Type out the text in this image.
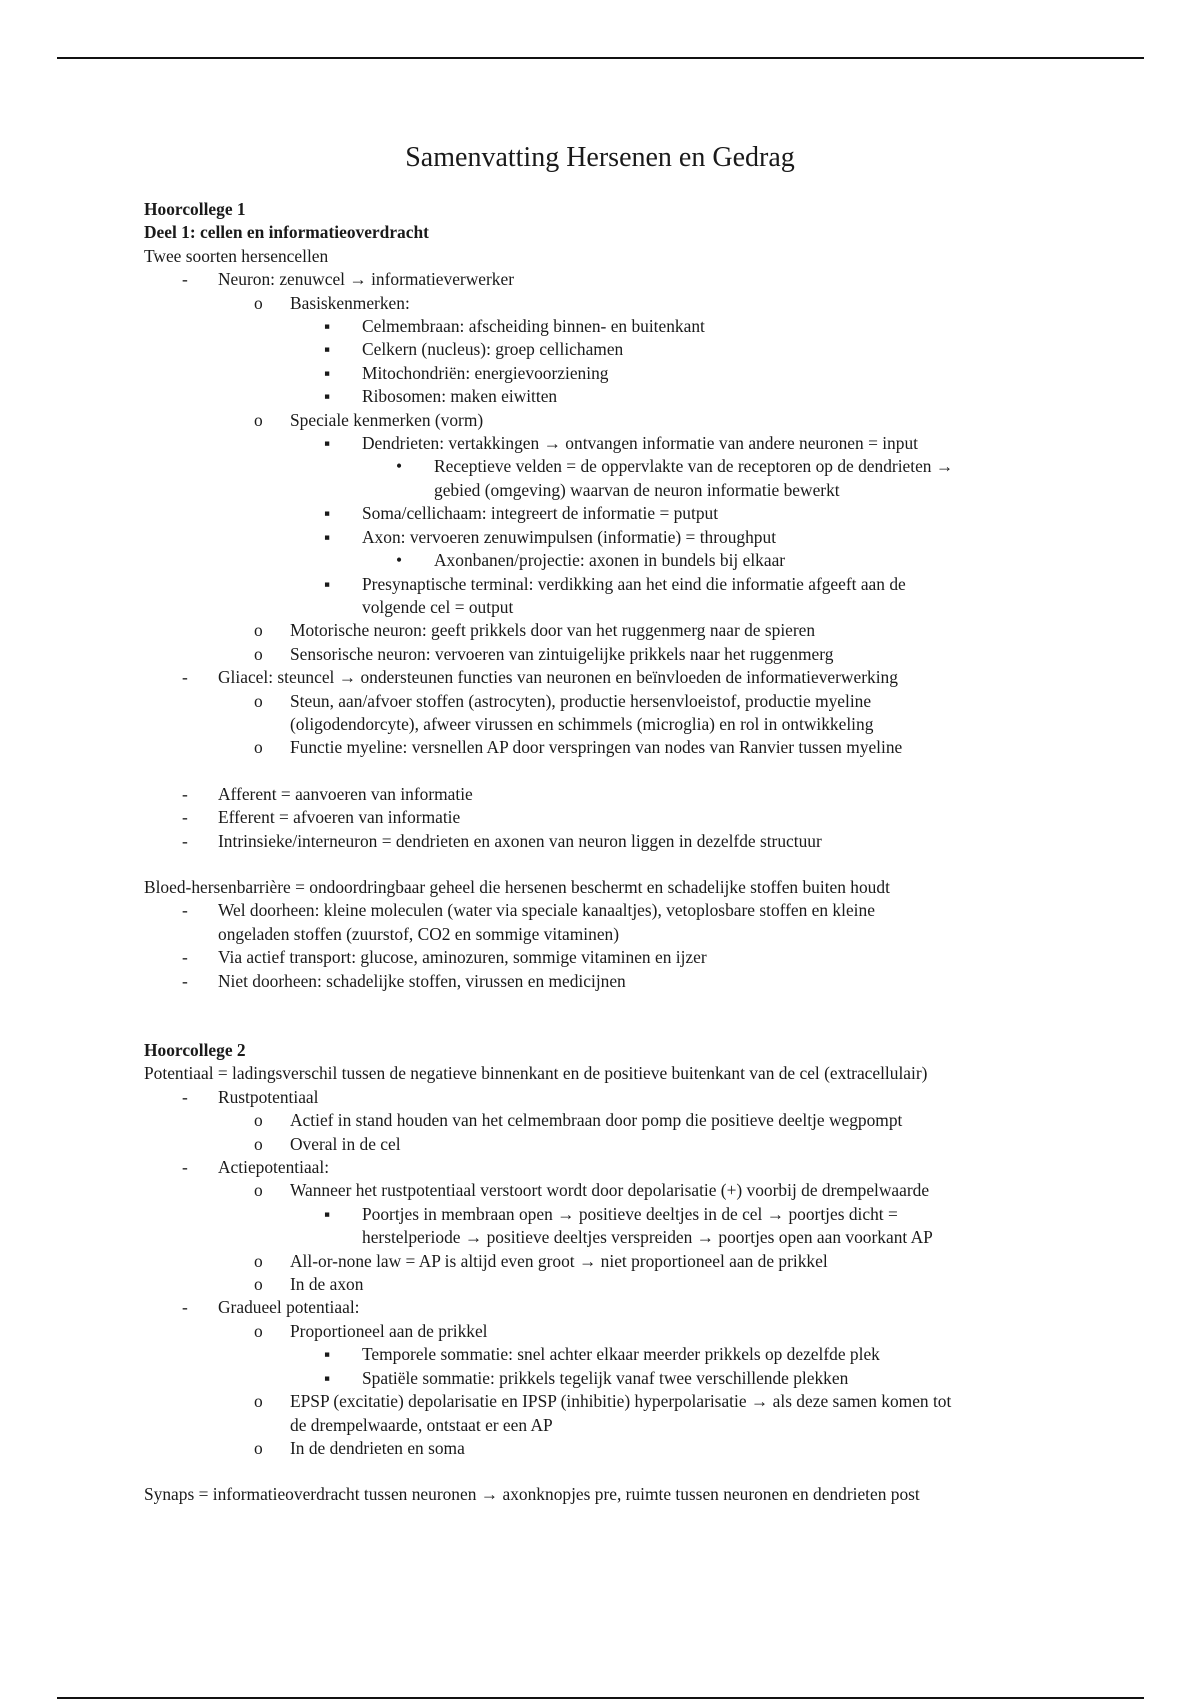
Samenvatting Hersenen en Gedrag
Hoorcollege 1
Deel 1: cellen en informatieoverdracht
Twee soorten hersencellen
-	Neuron: zenuwcel → informatieverwerker
o	Basiskenmerken:
▪	Celmembraan: afscheiding binnen- en buitenkant
▪	Celkern (nucleus): groep cellichamen
▪	Mitochondriën: energievoorziening
▪	Ribosomen: maken eiwitten
o	Speciale kenmerken (vorm)
▪	Dendrieten: vertakkingen → ontvangen informatie van andere neuronen = input
•	Receptieve velden = de oppervlakte van de receptoren op de dendrieten →
gebied (omgeving) waarvan de neuron informatie bewerkt
▪	Soma/cellichaam: integreert de informatie = putput
▪	Axon: vervoeren zenuwimpulsen (informatie) = throughput
•	Axonbanen/projectie: axonen in bundels bij elkaar
▪	Presynaptische terminal: verdikking aan het eind die informatie afgeeft aan de
volgende cel = output
o	Motorische neuron: geeft prikkels door van het ruggenmerg naar de spieren
o	Sensorische neuron: vervoeren van zintuigelijke prikkels naar het ruggenmerg
-	Gliacel: steuncel → ondersteunen functies van neuronen en beïnvloeden de informatieverwerking
o	Steun, aan/afvoer stoffen (astrocyten), productie hersenvloeistof, productie myeline
(oligodendorcyte), afweer virussen en schimmels (microglia) en rol in ontwikkeling
o	Functie myeline: versnellen AP door verspringen van nodes van Ranvier tussen myeline
-	Afferent = aanvoeren van informatie
-	Efferent = afvoeren van informatie
-	Intrinsieke/interneuron = dendrieten en axonen van neuron liggen in dezelfde structuur
Bloed-hersenbarrière = ondoordringbaar geheel die hersenen beschermt en schadelijke stoffen buiten houdt
-	Wel doorheen: kleine moleculen (water via speciale kanaaltjes), vetoplosbare stoffen en kleine
ongeladen stoffen (zuurstof, CO2 en sommige vitaminen)
-	Via actief transport: glucose, aminozuren, sommige vitaminen en ijzer
-	Niet doorheen: schadelijke stoffen, virussen en medicijnen
Hoorcollege 2
Potentiaal = ladingsverschil tussen de negatieve binnenkant en de positieve buitenkant van de cel (extracellulair)
-	Rustpotentiaal
o	Actief in stand houden van het celmembraan door pomp die positieve deeltje wegpompt
o	Overal in de cel
-	Actiepotentiaal:
o	Wanneer het rustpotentiaal verstoort wordt door depolarisatie (+) voorbij de drempelwaarde
▪	Poortjes in membraan open → positieve deeltjes in de cel → poortjes dicht =
herstelperiode → positieve deeltjes verspreiden → poortjes open aan voorkant AP
o	All-or-none law = AP is altijd even groot → niet proportioneel aan de prikkel
o	In de axon
-	Gradueel potentiaal:
o	Proportioneel aan de prikkel
▪	Temporele sommatie: snel achter elkaar meerder prikkels op dezelfde plek
▪	Spatiële sommatie: prikkels tegelijk vanaf twee verschillende plekken
o	EPSP (excitatie) depolarisatie en IPSP (inhibitie) hyperpolarisatie → als deze samen komen tot
de drempelwaarde, ontstaat er een AP
o	In de dendrieten en soma
Synaps = informatieoverdracht tussen neuronen → axonknopjes pre, ruimte tussen neuronen en dendrieten post
